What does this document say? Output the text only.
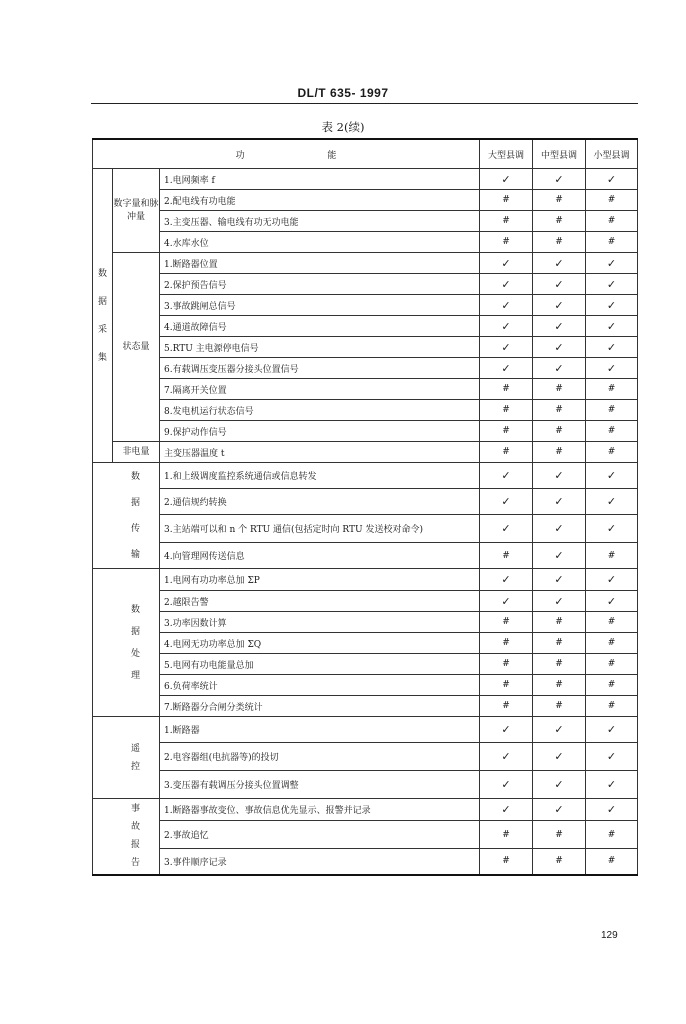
DL/T 635- 1997
表 2(续)
功 能			大型县调	中型县调	小型县调
数据采集	数字量和脉冲量	1.电网频率 f	✓	✓	✓
		2.配电线有功电能	#	#	#
		3.主变压器、输电线有功无功电能	#	#	#
		4.水库水位	#	#	#
	状态量	1.断路器位置	✓	✓	✓
		2.保护预告信号	✓	✓	✓
		3.事故跳闸总信号	✓	✓	✓
		4.通道故障信号	✓	✓	✓
		5.RTU 主电源停电信号	✓	✓	✓
		6.有载调压变压器分接头位置信号	✓	✓	✓
		7.隔离开关位置	#	#	#
		8.发电机运行状态信号	#	#	#
		9.保护动作信号	#	#	#
	非电量	主变压器温度 t	#	#	#
数据传输		1.和上级调度监控系统通信或信息转发	✓	✓	✓
		2.通信规约转换	✓	✓	✓
		3.主站端可以和 n 个 RTU 通信(包括定时向 RTU 发送校对命令)	✓	✓	✓
		4.向管理网传送信息	#	✓	#
数据处理		1.电网有功功率总加 ΣP	✓	✓	✓
		2.越限告警	✓	✓	✓
		3.功率因数计算	#	#	#
		4.电网无功功率总加 ΣQ	#	#	#
		5.电网有功电能量总加	#	#	#
		6.负荷率统计	#	#	#
		7.断路器分合闸分类统计	#	#	#
遥控		1.断路器	✓	✓	✓
		2.电容器组(电抗器等)的投切	✓	✓	✓
		3.变压器有载调压分接头位置调整	✓	✓	✓
事故报告		1.断路器事故变位、事故信息优先显示、报警并记录	✓	✓	✓
		2.事故追忆	#	#	#
		3.事件顺序记录	#	#	#
129
